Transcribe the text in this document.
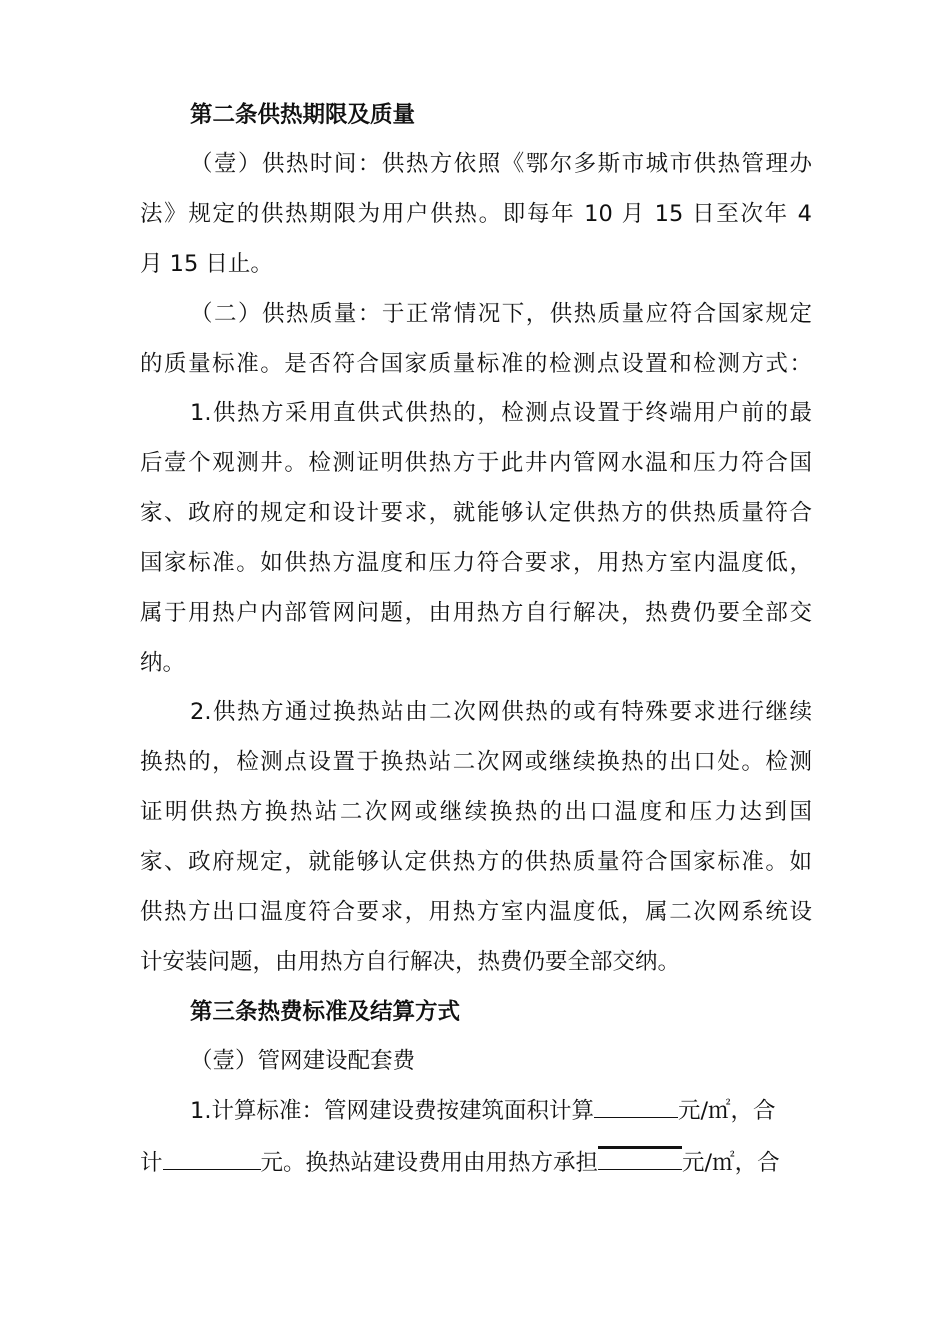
第二条供热期限及质量
（壹）供热时间：供热方依照《鄂尔多斯市城市供热管理办
法》规定的供热期限为用户供热。即每年 10 月 15 日至次年 4
月 15 日止。
（二）供热质量：于正常情况下，供热质量应符合国家规定
的质量标准。是否符合国家质量标准的检测点设置和检测方式：
1.供热方采用直供式供热的，检测点设置于终端用户前的最
后壹个观测井。检测证明供热方于此井内管网水温和压力符合国
家、政府的规定和设计要求，就能够认定供热方的供热质量符合
国家标准。如供热方温度和压力符合要求，用热方室内温度低，
属于用热户内部管网问题，由用热方自行解决，热费仍要全部交
纳。
2.供热方通过换热站由二次网供热的或有特殊要求进行继续
换热的，检测点设置于换热站二次网或继续换热的出口处。检测
证明供热方换热站二次网或继续换热的出口温度和压力达到国
家、政府规定，就能够认定供热方的供热质量符合国家标准。如
供热方出口温度符合要求，用热方室内温度低，属二次网系统设
计安装问题，由用热方自行解决，热费仍要全部交纳。
第三条热费标准及结算方式
（壹）管网建设配套费
1.计算标准：管网建设费按建筑面积计算	元/㎡，合
计	元。换热站建设费用由用热方承担	元/㎡，合
